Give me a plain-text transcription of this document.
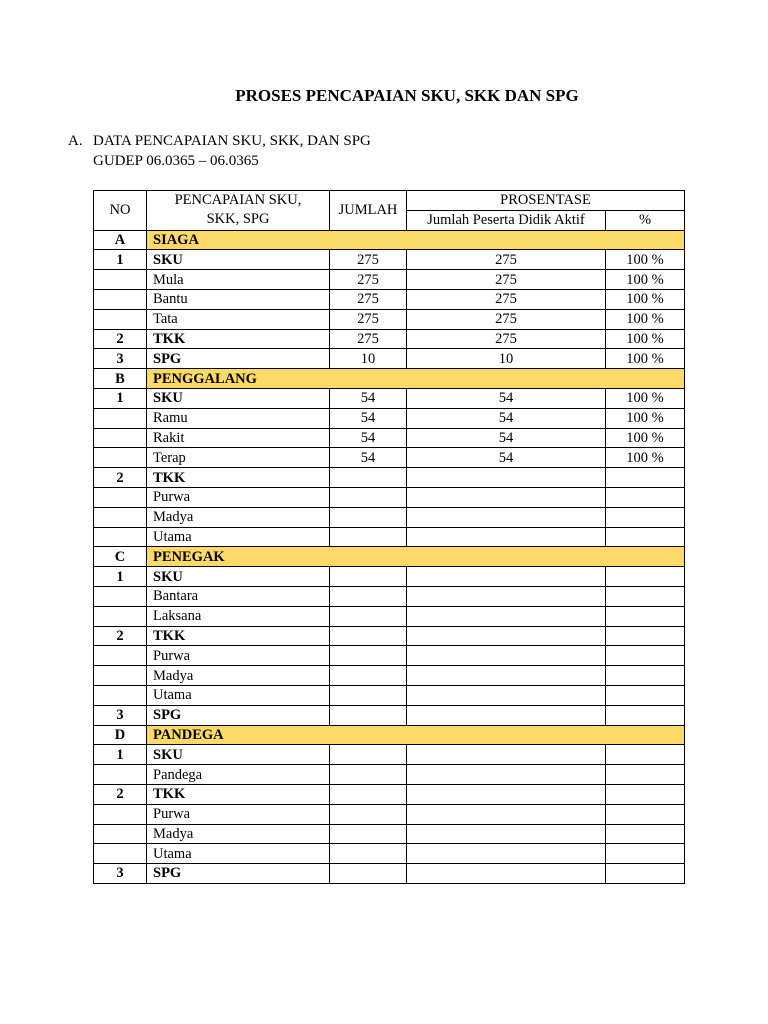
PROSES PENCAPAIAN SKU, SKK DAN SPG
A. DATA PENCAPAIAN SKU, SKK, DAN SPG
GUDEP 06.0365 – 06.0365
NO	PENCAPAIAN SKU,
SKK, SPG	JUMLAH	PROSENTASE	
			Jumlah Peserta Didik Aktif	%
A	SIAGA			
1	SKU	275	275	100 %
	Mula	275	275	100 %
	Bantu	275	275	100 %
	Tata	275	275	100 %
2	TKK	275	275	100 %
3	SPG	10	10	100 %
B	PENGGALANG			
1	SKU	54	54	100 %
	Ramu	54	54	100 %
	Rakit	54	54	100 %
	Terap	54	54	100 %
2	TKK			
	Purwa			
	Madya			
	Utama			
C	PENEGAK			
1	SKU			
	Bantara			
	Laksana			
2	TKK			
	Purwa			
	Madya			
	Utama			
3	SPG			
D	PANDEGA			
1	SKU			
	Pandega			
2	TKK			
	Purwa			
	Madya			
	Utama			
3	SPG			
